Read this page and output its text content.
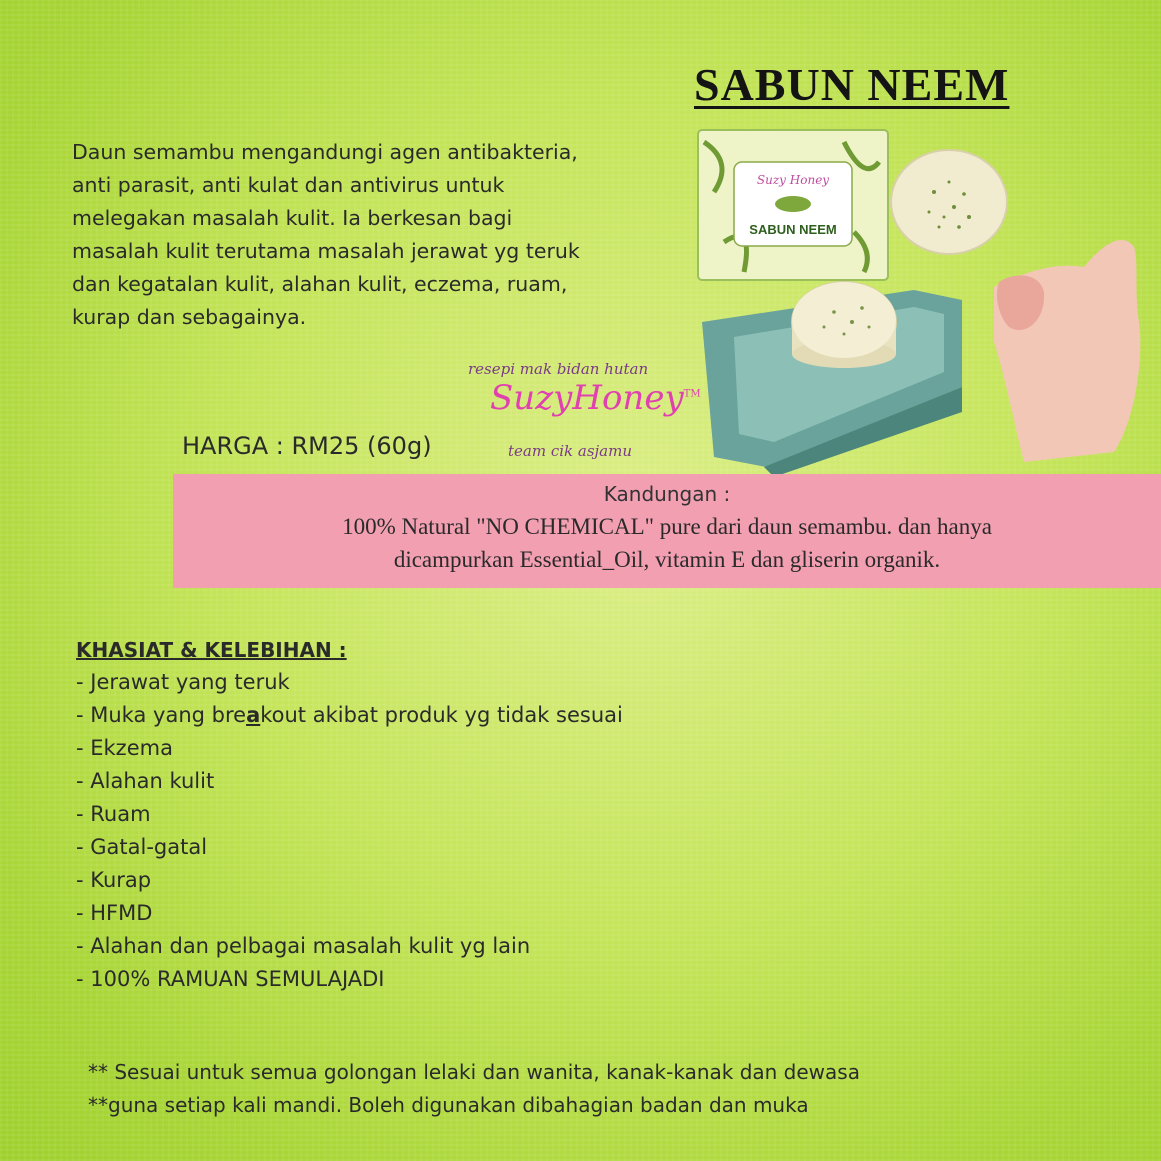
SABUN NEEM
Daun semambu mengandungi agen antibakteria,
anti parasit, anti kulat dan antivirus untuk
melegakan masalah kulit. Ia berkesan bagi
masalah kulit terutama masalah jerawat yg teruk
dan kegatalan kulit, alahan kulit, eczema, ruam,
kurap dan sebagainya.
Suzy Honey
SABUN NEEM
resepi mak bidan hutan
SuzyHoney™
team cik asjamu
HARGA : RM25 (60g)
Kandungan :
100% Natural "NO CHEMICAL" pure dari daun semambu. dan hanya
dicampurkan Essential_Oil, vitamin E dan gliserin organik.
KHASIAT & KELEBIHAN :
- Jerawat yang teruk
- Muka yang breakout akibat produk yg tidak sesuai
- Ekzema
- Alahan kulit
- Ruam
- Gatal-gatal
- Kurap
- HFMD
- Alahan dan pelbagai masalah kulit yg lain
- 100% RAMUAN SEMULAJADI
** Sesuai untuk semua golongan lelaki dan wanita, kanak-kanak dan dewasa
**guna setiap kali mandi. Boleh digunakan dibahagian badan dan muka
